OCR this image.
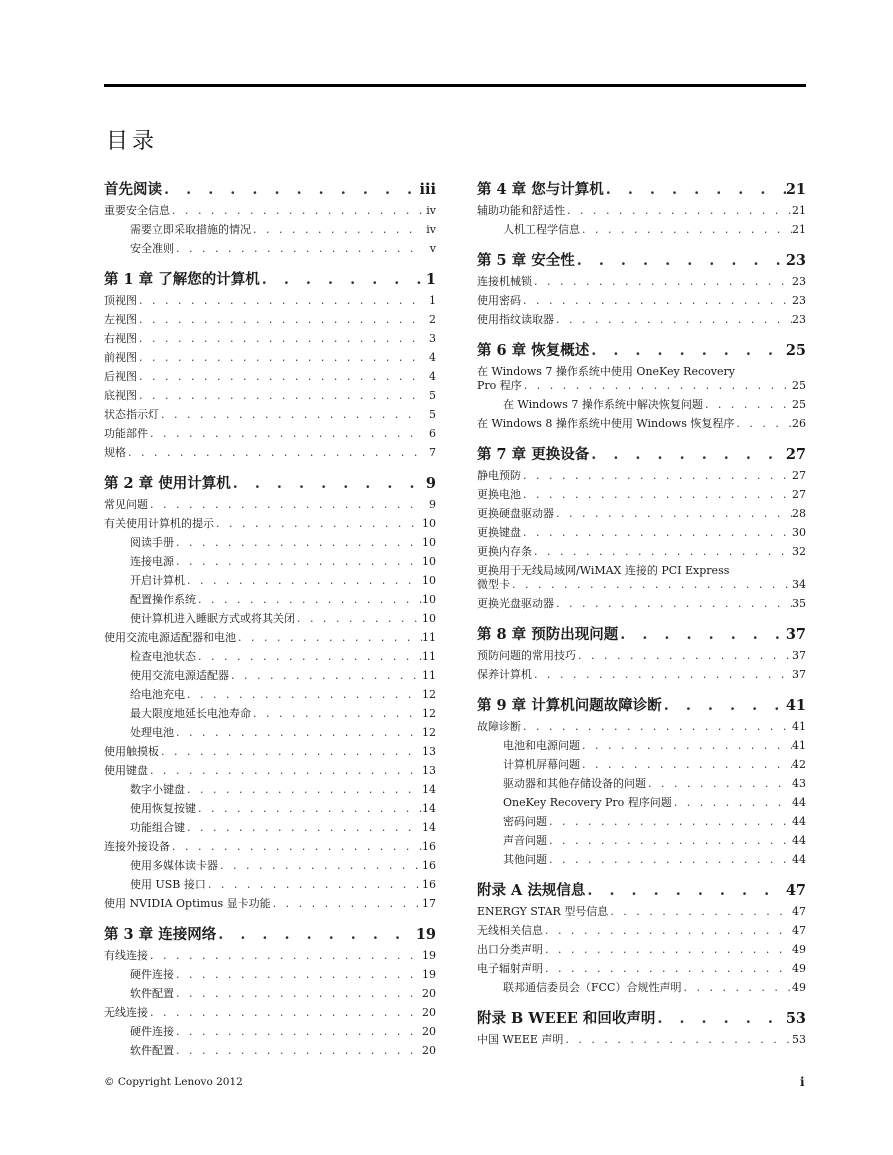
目录
首先阅读 . . .	iii
重要安全信息 . . .	iv
需要立即采取措施的情况 . . .	iv
安全准则 . . .	v
第 1 章 了解您的计算机 . . .	1
顶视图 . . .	1
左视图 . . .	2
右视图 . . .	3
前视图 . . .	4
后视图 . . .	4
底视图 . . .	5
状态指示灯 . . .	5
功能部件 . . .	6
规格 . . .	7
第 2 章 使用计算机 . . .	9
常见问题 . . .	9
有关使用计算机的提示 . . .	10
阅读手册 . . .	10
连接电源 . . .	10
开启计算机 . . .	10
配置操作系统 . . .	10
使计算机进入睡眠方式或将其关闭 . . .	10
使用交流电源适配器和电池 . . .	11
检查电池状态 . . .	11
使用交流电源适配器 . . .	11
给电池充电 . . .	12
最大限度地延长电池寿命 . . .	12
处理电池 . . .	12
使用触摸板 . . .	13
使用键盘 . . .	13
数字小键盘 . . .	14
使用恢复按键 . . .	14
功能组合键 . . .	14
连接外接设备 . . .	16
使用多媒体读卡器 . . .	16
使用 USB 接口 . . .	16
使用 NVIDIA Optimus 显卡功能 . . .	17
第 3 章 连接网络 . . .	19
有线连接 . . .	19
硬件连接 . . .	19
软件配置 . . .	20
无线连接 . . .	20
硬件连接 . . .	20
软件配置 . . .	20
第 4 章 您与计算机 . . .	21
辅助功能和舒适性 . . .	21
人机工程学信息 . . .	21
第 5 章 安全性 . . .	23
连接机械锁 . . .	23
使用密码 . . .	23
使用指纹读取器 . . .	23
第 6 章 恢复概述 . . .	25
在 Windows 7 操作系统中使用 OneKey Recovery
Pro 程序 . . .	25
在 Windows 7 操作系统中解决恢复问题 . . .	25
在 Windows 8 操作系统中使用 Windows 恢复程序 . . .	26
第 7 章 更换设备 . . .	27
静电预防 . . .	27
更换电池 . . .	27
更换硬盘驱动器 . . .	28
更换键盘 . . .	30
更换内存条 . . .	32
更换用于无线局域网/WiMAX 连接的 PCI Express
微型卡 . . .	34
更换光盘驱动器 . . .	35
第 8 章 预防出现问题 . . .	37
预防问题的常用技巧 . . .	37
保养计算机 . . .	37
第 9 章 计算机问题故障诊断 . . .	41
故障诊断 . . .	41
电池和电源问题 . . .	41
计算机屏幕问题 . . .	42
驱动器和其他存储设备的问题 . . .	43
OneKey Recovery Pro 程序问题 . . .	44
密码问题 . . .	44
声音问题 . . .	44
其他问题 . . .	44
附录 A 法规信息 . . .	47
ENERGY STAR 型号信息 . . .	47
无线相关信息 . . .	47
出口分类声明 . . .	49
电子辐射声明 . . .	49
联邦通信委员会（FCC）合规性声明 . . .	49
附录 B WEEE 和回收声明 . . .	53
中国 WEEE 声明 . . .	53
© Copyright Lenovo 2012	i
